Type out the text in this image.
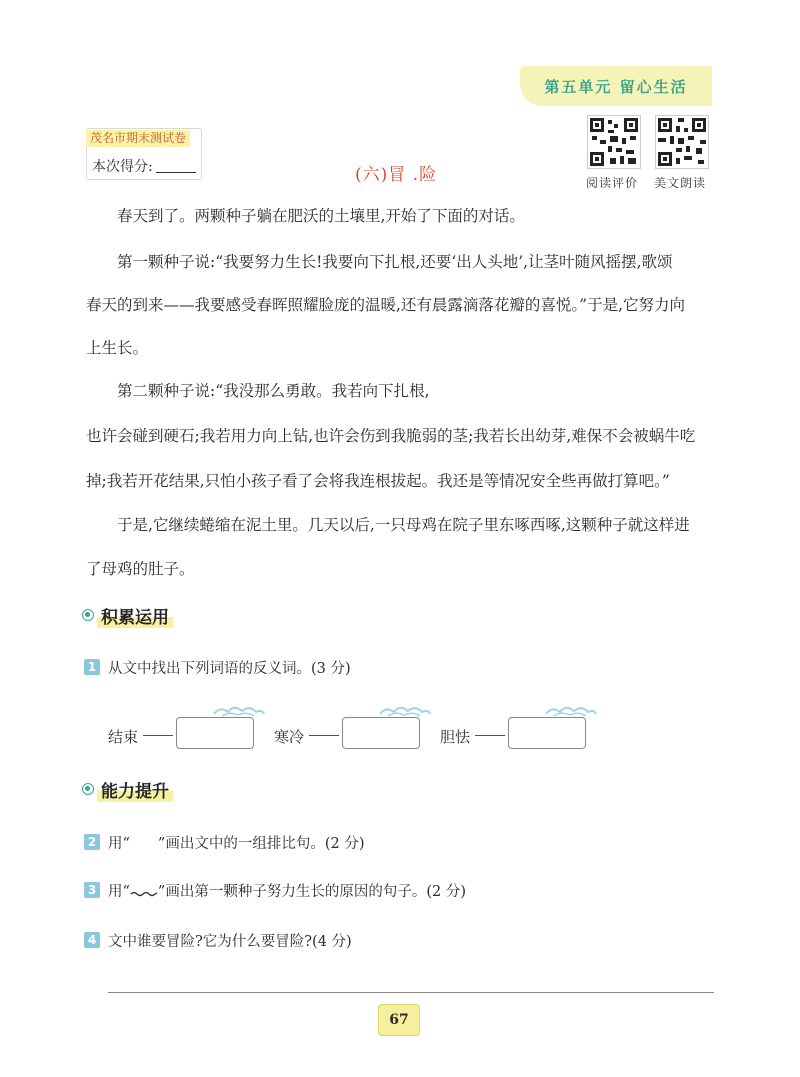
第五单元 留心生活
茂名市期末测试卷
本次得分:	(六)冒 .险	阅读评价 美文朗读
春天到了。两颗种子躺在肥沃的土壤里,开始了下面的对话。
第一颗种子说:“我要努力生长!我要向下扎根,还要‘出人头地’,让茎叶随风摇摆,歌颂
春天的到来——我要感受春晖照耀脸庞的温暖,还有晨露滴落花瓣的喜悦。”于是,它努力向
上生长。
第二颗种子说:“我没那么勇敢。我若向下扎根,
也许会碰到硬石;我若用力向上钻,也许会伤到我脆弱的茎;我若长出幼芽,难保不会被蜗牛吃
掉;我若开花结果,只怕小孩子看了会将我连根拔起。我还是等情况安全些再做打算吧。”
于是,它继续蜷缩在泥土里。几天以后,一只母鸡在院子里东啄西啄,这颗种子就这样进
了母鸡的肚子。
积累运用
1 从文中找出下列词语的反义词。(3 分)
结束	寒冷	胆怯
能力提升
2 用“ ”画出文中的一组排比句。(2 分)
3 用“ ”画出第一颗种子努力生长的原因的句子。(2 分)
4 文中谁要冒险?它为什么要冒险?(4 分)
67
